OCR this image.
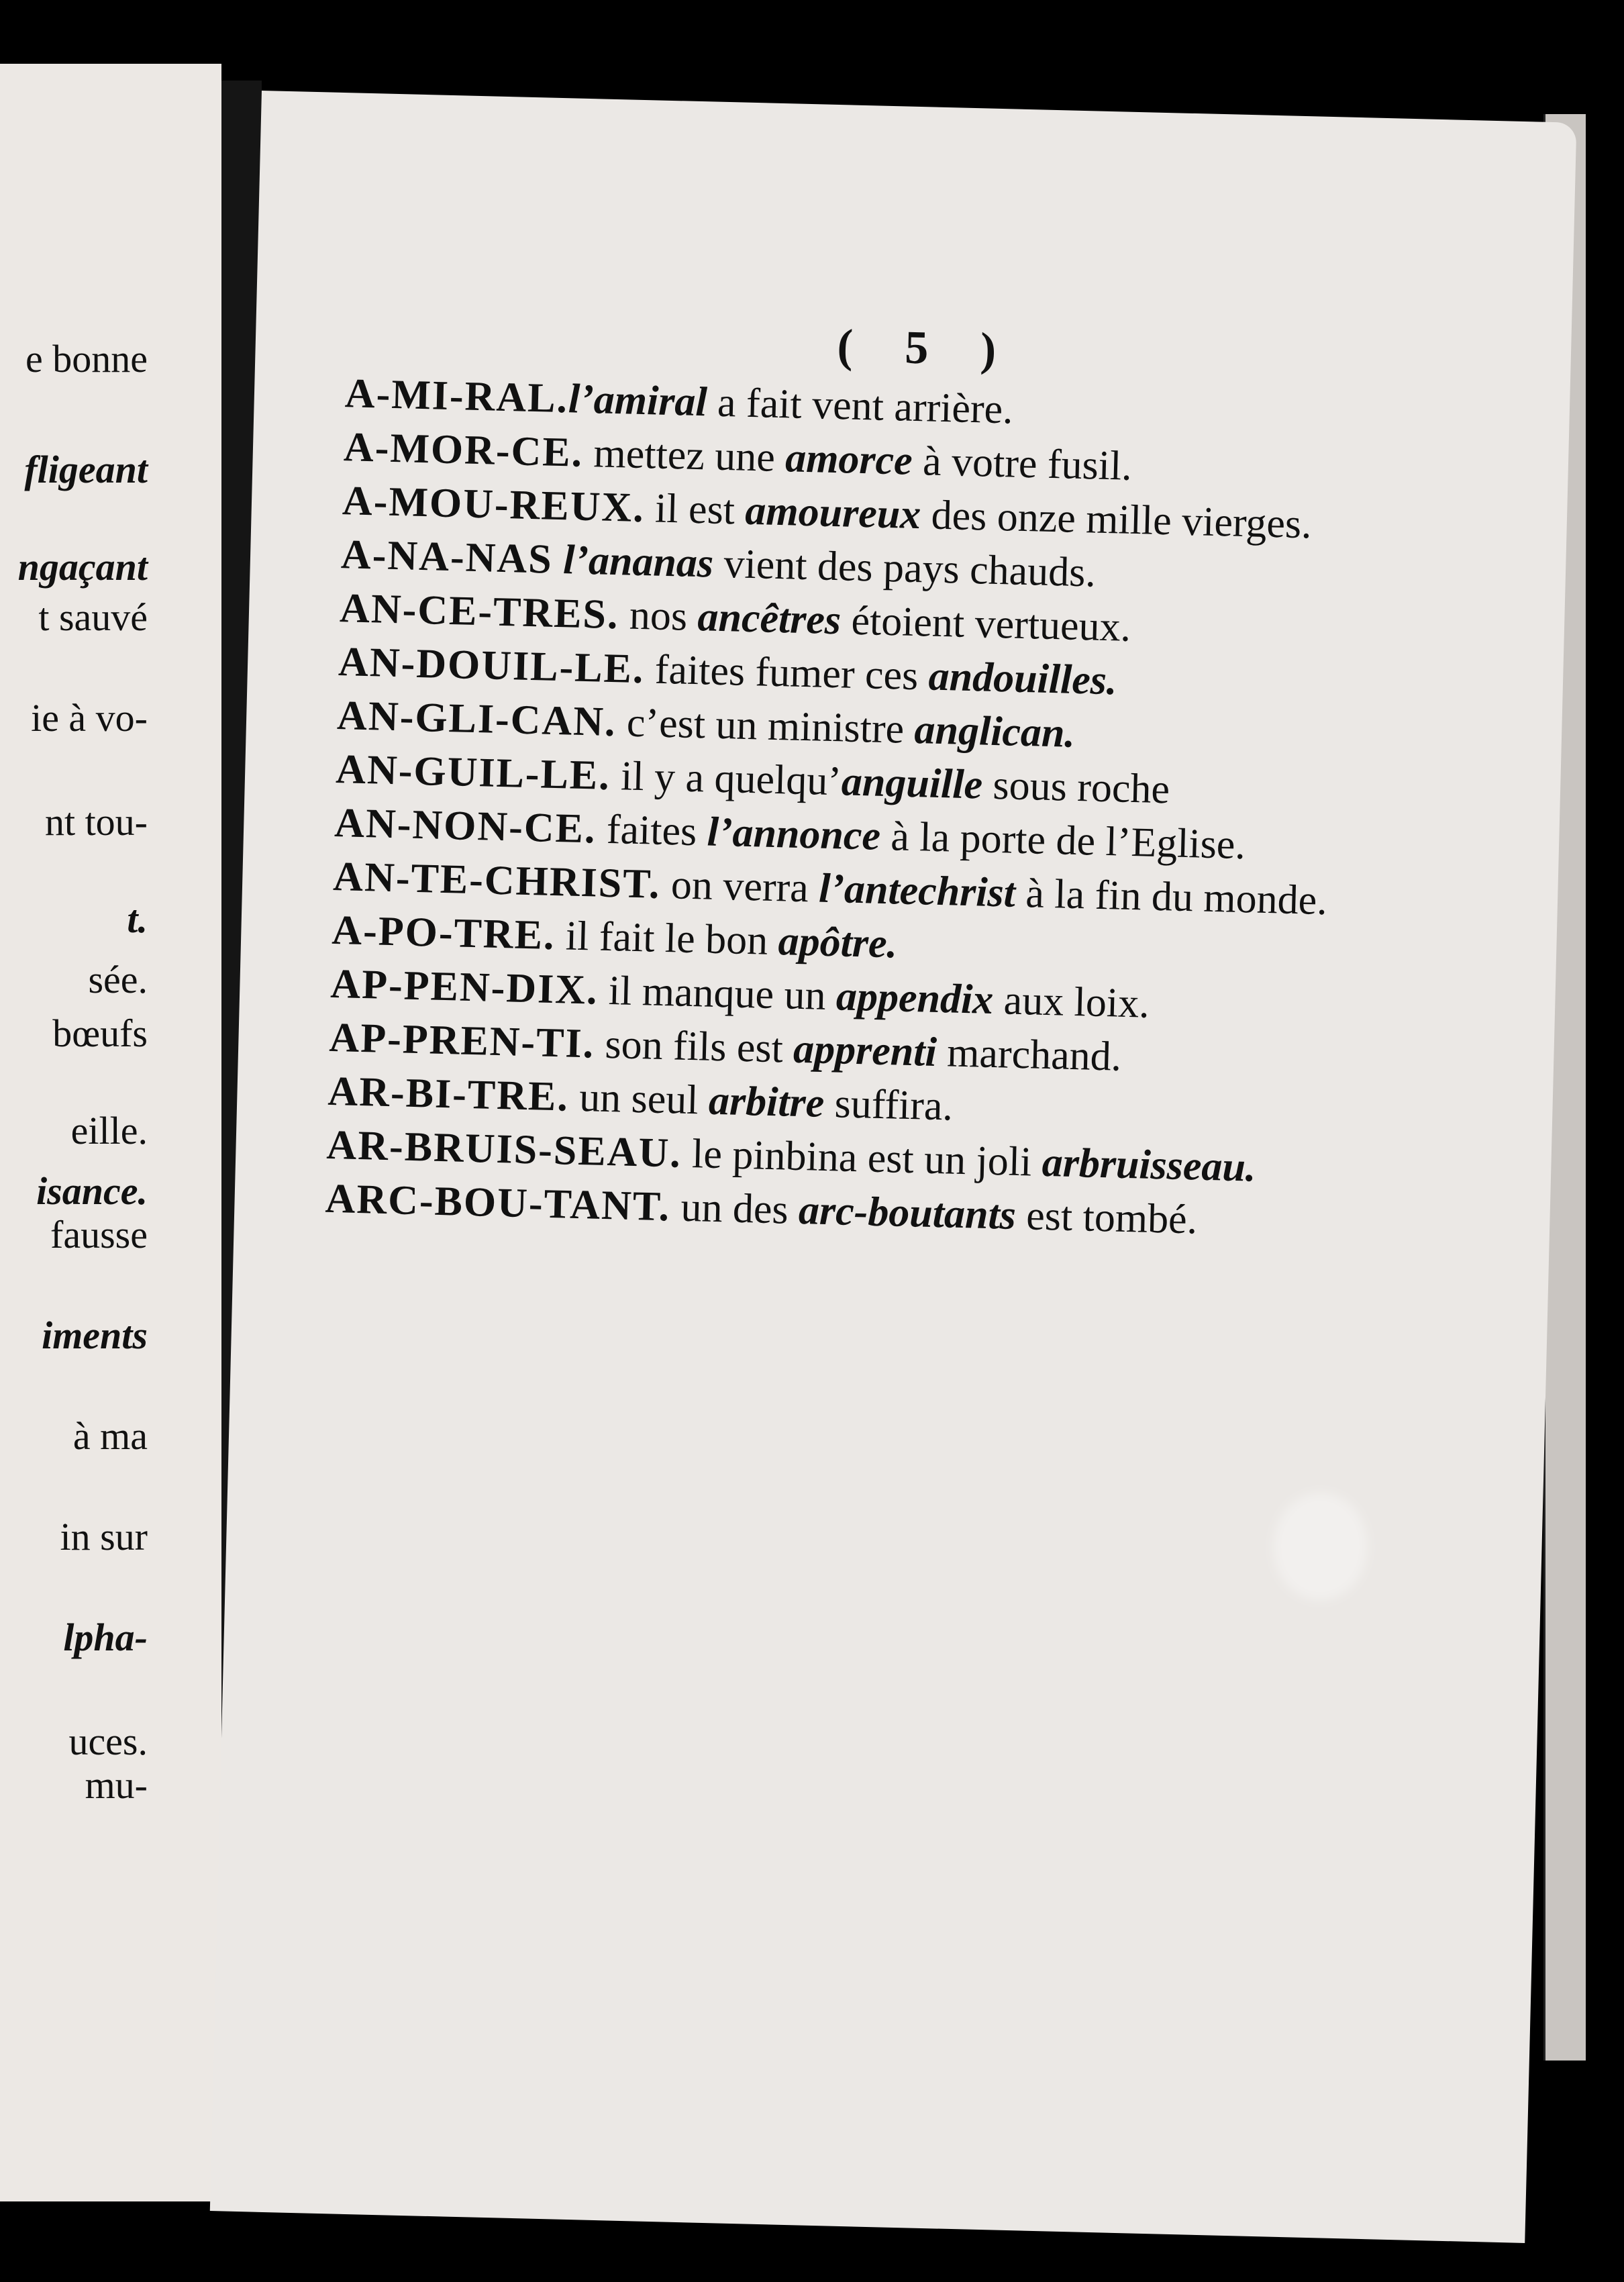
e bonne
fligeant
ngaçant
t sauvé
ie à vo-
nt tou-
t.
sée.
bœufs
eille.
isance.
fausse
iments
à ma
in sur
lpha-
uces.
mu-
( 5 )
A-MI-RAL.l’amiral a fait vent arrière.
A-MOR-CE. mettez une amorce à votre fusil.
A-MOU-REUX. il est amoureux des onze mille vierges.
A-NA-NAS l’ananas vient des pays chauds.
AN-CE-TRES. nos ancêtres étoient vertueux.
AN-DOUIL-LE. faites fumer ces andouilles.
AN-GLI-CAN. c’est un ministre anglican.
AN-GUIL-LE. il y a quelqu’anguille sous roche
AN-NON-CE. faites l’annonce à la porte de l’Eglise.
AN-TE-CHRIST. on verra l’antechrist à la fin du monde.
A-PO-TRE. il fait le bon apôtre.
AP-PEN-DIX. il manque un appendix aux loix.
AP-PREN-TI. son fils est apprenti marchand.
AR-BI-TRE. un seul arbitre suffira.
AR-BRUIS-SEAU. le pinbina est un joli arbruisseau.
ARC-BOU-TANT. un des arc-boutants est tombé.
